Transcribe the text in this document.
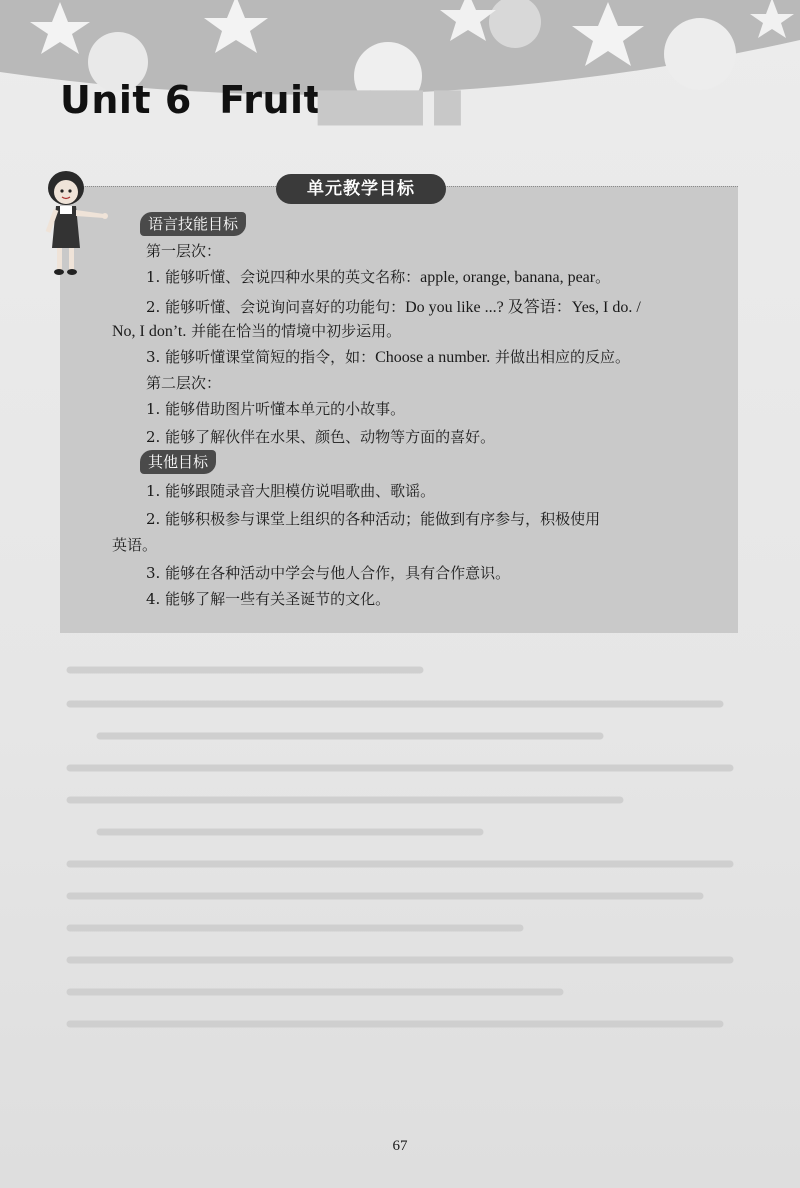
Unit 6  Fruit
▇▇▇▇ ▇
单元教学目标
语言技能目标
第一层次：
1. 能够听懂、会说四种水果的英文名称：apple, orange, banana, pear。
2. 能够听懂、会说询问喜好的功能句：Do you like ...? 及答语：Yes, I do. /
No, I don’t. 并能在恰当的情境中初步运用。
3. 能够听懂课堂简短的指令，如：Choose a number. 并做出相应的反应。
第二层次：
1. 能够借助图片听懂本单元的小故事。
2. 能够了解伙伴在水果、颜色、动物等方面的喜好。
其他目标
1. 能够跟随录音大胆模仿说唱歌曲、歌谣。
2. 能够积极参与课堂上组织的各种活动；能做到有序参与，积极使用
英语。
3. 能够在各种活动中学会与他人合作，具有合作意识。
4. 能够了解一些有关圣诞节的文化。
67
